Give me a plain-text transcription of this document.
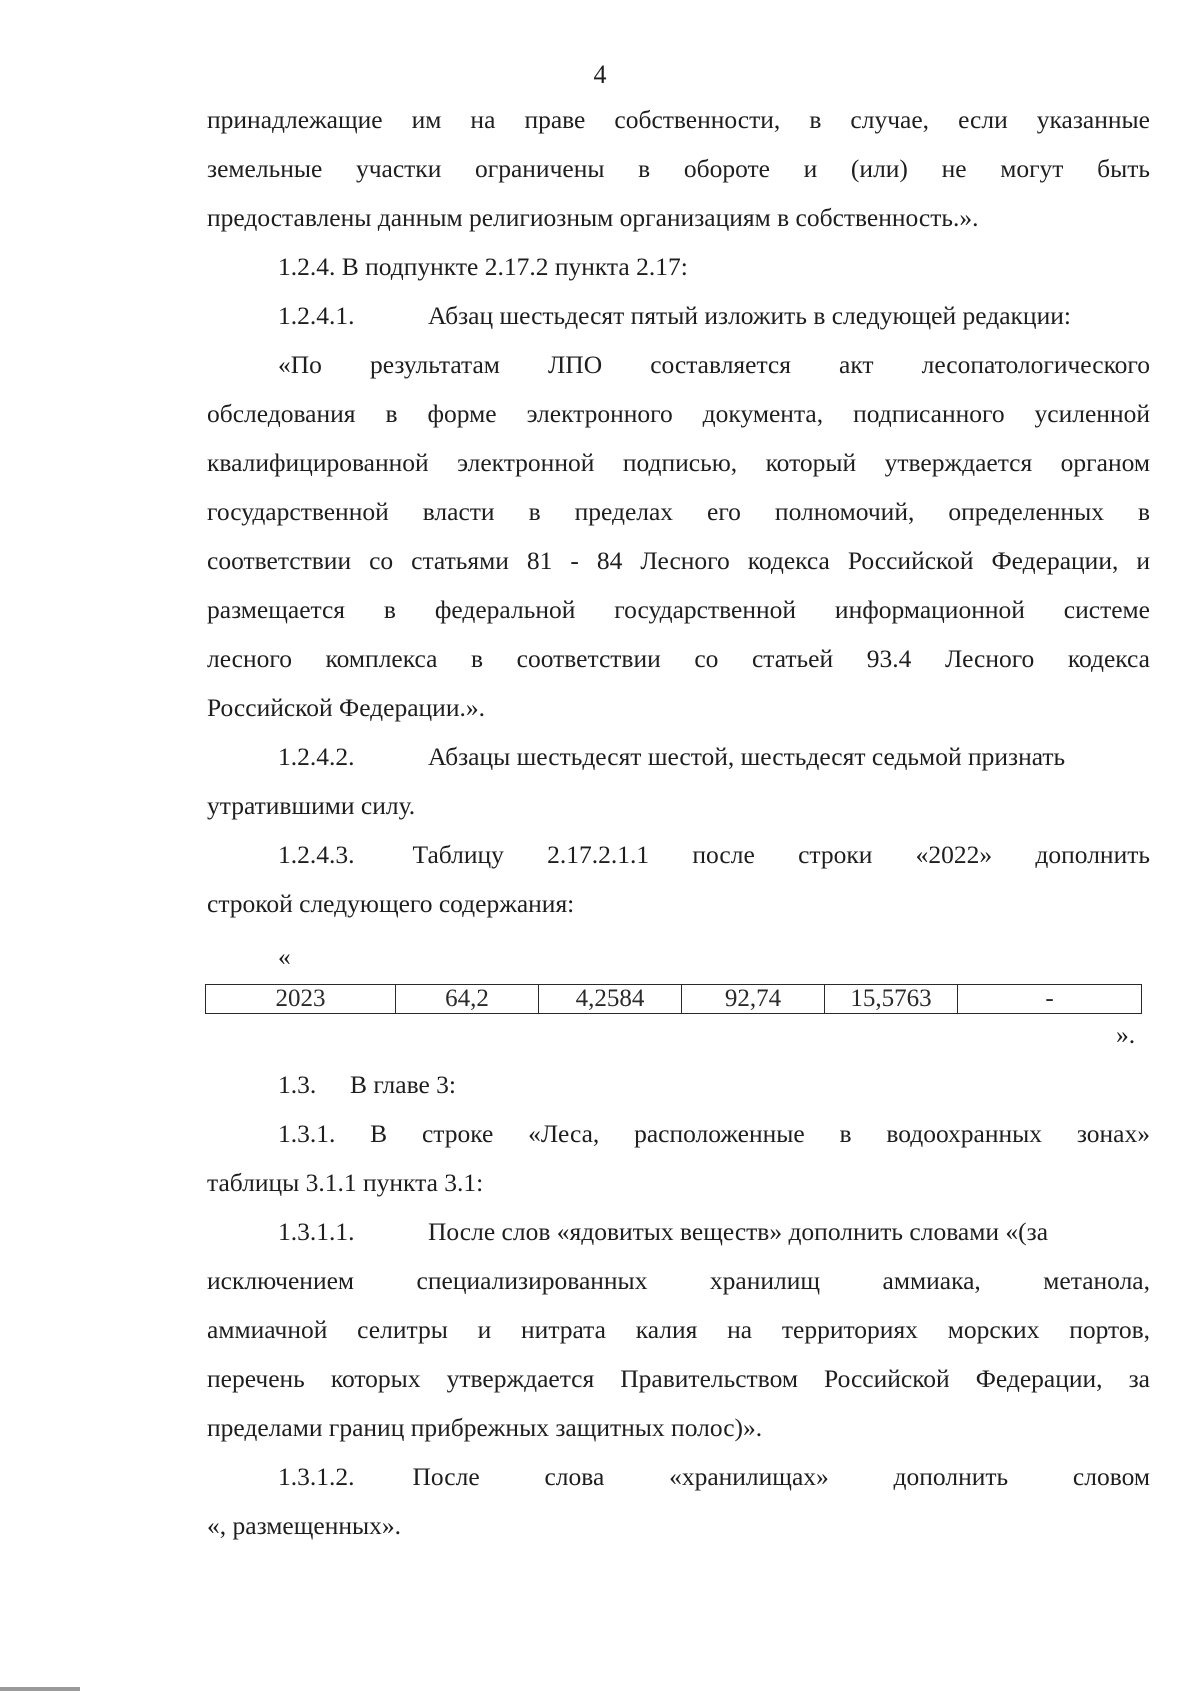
4
принадлежащие им на праве собственности, в случае, если указанные
земельные участки ограничены в обороте и (или) не могут быть
предоставлены данным религиозным организациям в собственность.».
1.2.4. В подпункте 2.17.2 пункта 2.17:
1.2.4.1.	Абзац шестьдесят пятый изложить в следующей редакции:
«По результатам ЛПО составляется акт лесопатологического
обследования в форме электронного документа, подписанного усиленной
квалифицированной электронной подписью, который утверждается органом
государственной власти в пределах его полномочий, определенных в
соответствии со статьями 81 - 84 Лесного кодекса Российской Федерации, и
размещается в федеральной государственной информационной системе
лесного комплекса в соответствии со статьей 93.4 Лесного кодекса
Российской Федерации.».
1.2.4.2.	Абзацы шестьдесят шестой, шестьдесят седьмой признать
утратившими силу.
1.2.4.3. Таблицу 2.17.2.1.1 после строки «2022» дополнить
строкой следующего содержания:
«
2023	64,2	4,2584	92,74	15,5763	-
».
1.3. В главе 3:
1.3.1. В строке «Леса, расположенные в водоохранных зонах»
таблицы 3.1.1 пункта 3.1:
1.3.1.1.	После слов «ядовитых веществ» дополнить словами «(за
исключением специализированных хранилищ аммиака, метанола,
аммиачной селитры и нитрата калия на территориях морских портов,
перечень которых утверждается Правительством Российской Федерации, за
пределами границ прибрежных защитных полос)».
1.3.1.2. После слова «хранилищах» дополнить словом
«, размещенных».
